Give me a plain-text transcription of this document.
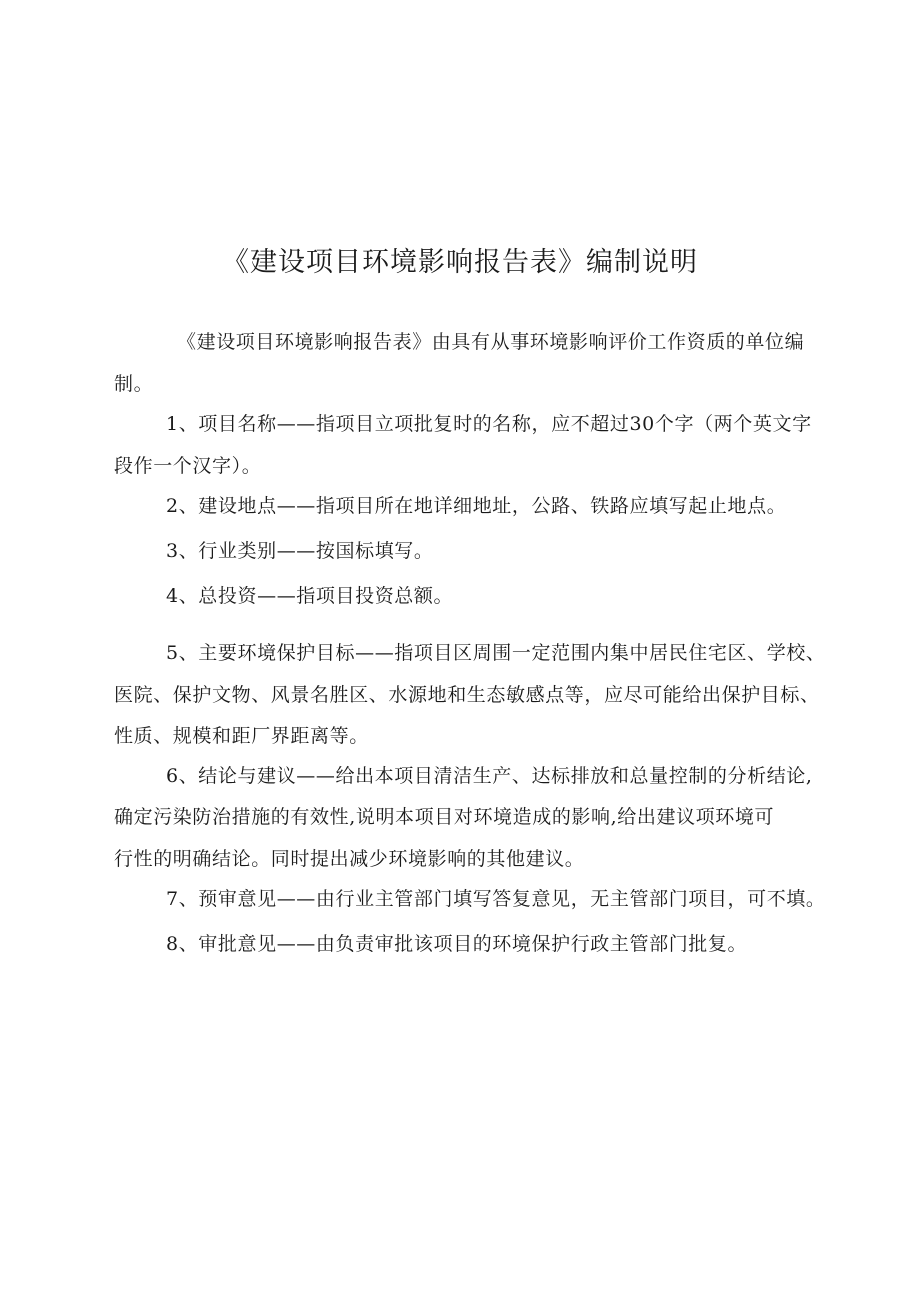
《建设项目环境影响报告表》编制说明
《建设项目环境影响报告表》由具有从事环境影响评价工作资质的单位编
制。
1、项目名称——指项目立项批复时的名称，应不超过30个字（两个英文字
段作一个汉字）。
2、建设地点——指项目所在地详细地址，公路、铁路应填写起止地点。
3、行业类别——按国标填写。
4、总投资——指项目投资总额。
5、主要环境保护目标——指项目区周围一定范围内集中居民住宅区、学校、
医院、保护文物、风景名胜区、水源地和生态敏感点等，应尽可能给出保护目标、
性质、规模和距厂界距离等。
6、结论与建议——给出本项目清洁生产、达标排放和总量控制的分析结论,
确定污染防治措施的有效性,说明本项目对环境造成的影响,给出建议项环境可
行性的明确结论。同时提出减少环境影响的其他建议。
7、预审意见——由行业主管部门填写答复意见，无主管部门项目，可不填。
8、审批意见——由负责审批该项目的环境保护行政主管部门批复。
